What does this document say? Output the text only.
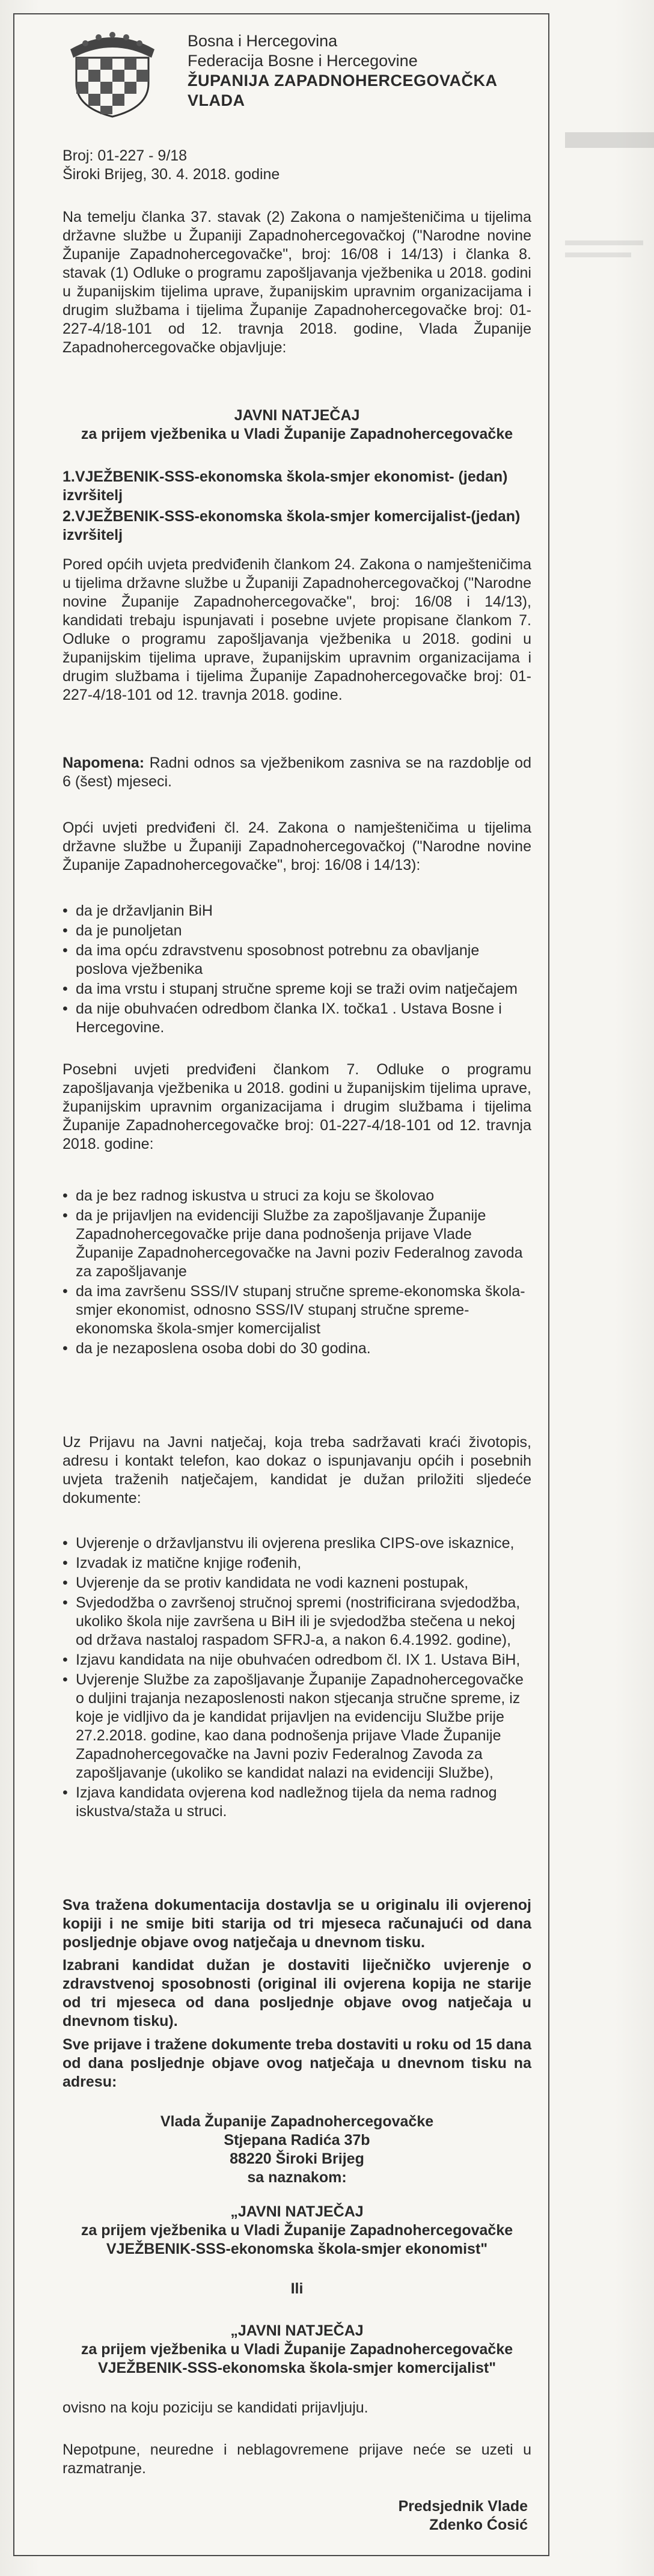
Bosna i Hercegovina
Federacija Bosne i Hercegovine
ŽUPANIJA ZAPADNOHERCEGOVAČKA
VLADA
Broj: 01-227 - 9/18
Široki Brijeg, 30. 4. 2018. godine
Na temelju članka 37. stavak (2) Zakona o namješteničima u tijelima državne službe u Županiji Zapadnohercegovačkoj ("Narodne novine Županije Zapadnohercegovačke", broj: 16/08 i 14/13) i članka 8. stavak (1) Odluke o programu zapošljavanja vježbenika u 2018. godini u županijskim tijelima uprave, županijskim upravnim organizacijama i drugim službama i tijelima Županije Zapadnohercegovačke broj: 01-227-4/18-101 od 12. travnja 2018. godine, Vlada Županije Zapadnohercegovačke objavljuje:
JAVNI NATJEČAJ
za prijem vježbenika u Vladi Županije Zapadnohercegovačke
1.VJEŽBENIK-SSS-ekonomska škola-smjer ekonomist- (jedan) izvršitelj
2.VJEŽBENIK-SSS-ekonomska škola-smjer komercijalist-(jedan) izvršitelj
Pored općih uvjeta predviđenih člankom 24. Zakona o namješteničima u tijelima državne službe u Županiji Zapadnohercegovačkoj ("Narodne novine Županije Zapadnohercegovačke", broj: 16/08 i 14/13), kandidati trebaju ispunjavati i posebne uvjete propisane člankom 7. Odluke o programu zapošljavanja vježbenika u 2018. godini u županijskim tijelima uprave, županijskim upravnim organizacijama i drugim službama i tijelima Županije Zapadnohercegovačke broj: 01-227-4/18-101 od 12. travnja 2018. godine.
Napomena: Radni odnos sa vježbenikom zasniva se na razdoblje od 6 (šest) mjeseci.
Opći uvjeti predviđeni čl. 24. Zakona o namješteničima u tijelima državne službe u Županiji Zapadnohercegovačkoj ("Narodne novine Županije Zapadnohercegovačke", broj: 16/08 i 14/13):
• da je državljanin BiH
• da je punoljetan
• da ima opću zdravstvenu sposobnost potrebnu za obavljanje poslova vježbenika
• da ima vrstu i stupanj stručne spreme koji se traži ovim natječajem
• da nije obuhvaćen odredbom članka IX. točka1 . Ustava Bosne i Hercegovine.
Posebni uvjeti predviđeni člankom 7. Odluke o programu zapošljavanja vježbenika u 2018. godini u županijskim tijelima uprave, županijskim upravnim organizacijama i drugim službama i tijelima Županije Zapadnohercegovačke broj: 01-227-4/18-101 od 12. travnja 2018. godine:
• da je bez radnog iskustva u struci za koju se školovao
• da je prijavljen na evidenciji Službe za zapošljavanje Županije Zapadnohercegovačke prije dana podnošenja prijave Vlade Županije Zapadnohercegovačke na Javni poziv Federalnog zavoda za zapošljavanje
• da ima završenu SSS/IV stupanj stručne spreme-ekonomska škola-smjer ekonomist, odnosno SSS/IV stupanj stručne spreme-ekonomska škola-smjer komercijalist
• da je nezaposlena osoba dobi do 30 godina.
Uz Prijavu na Javni natječaj, koja treba sadržavati kraći životopis, adresu i kontakt telefon, kao dokaz o ispunjavanju općih i posebnih uvjeta traženih natječajem, kandidat je dužan priložiti sljedeće dokumente:
• Uvjerenje o državljanstvu ili ovjerena preslika CIPS-ove iskaznice,
• Izvadak iz matične knjige rođenih,
• Uvjerenje da se protiv kandidata ne vodi kazneni postupak,
• Svjedodžba o završenoj stručnoj spremi (nostrificirana svjedodžba, ukoliko škola nije završena u BiH ili je svjedodžba stečena u nekoj od država nastaloj raspadom SFRJ-a, a nakon 6.4.1992. godine),
• Izjavu kandidata na nije obuhvaćen odredbom čl. IX 1. Ustava BiH,
• Uvjerenje Službe za zapošljavanje Županije Zapadnohercegovačke o duljini trajanja nezaposlenosti nakon stjecanja stručne spreme, iz koje je vidljivo da je kandidat prijavljen na evidenciju Službe prije 27.2.2018. godine, kao dana podnošenja prijave Vlade Županije Zapadnohercegovačke na Javni poziv Federalnog Zavoda za zapošljavanje (ukoliko se kandidat nalazi na evidenciji Službe),
• Izjava kandidata ovjerena kod nadležnog tijela da nema radnog iskustva/staža u struci.
Sva tražena dokumentacija dostavlja se u originalu ili ovjerenoj kopiji i ne smije biti starija od tri mjeseca računajući od dana posljednje objave ovog natječaja u dnevnom tisku.
Izabrani kandidat dužan je dostaviti liječničko uvjerenje o zdravstvenoj sposobnosti (original ili ovjerena kopija ne starije od tri mjeseca od dana posljednje objave ovog natječaja u dnevnom tisku).
Sve prijave i tražene dokumente treba dostaviti u roku od 15 dana od dana posljednje objave ovog natječaja u dnevnom tisku na adresu:
Vlada Županije Zapadnohercegovačke
Stjepana Radića 37b
88220 Široki Brijeg
sa naznakom:
„JAVNI NATJEČAJ
za prijem vježbenika u Vladi Županije Zapadnohercegovačke
VJEŽBENIK-SSS-ekonomska škola-smjer ekonomist"
Ili
„JAVNI NATJEČAJ
za prijem vježbenika u Vladi Županije Zapadnohercegovačke
VJEŽBENIK-SSS-ekonomska škola-smjer komercijalist"
ovisno na koju poziciju se kandidati prijavljuju.
Nepotpune, neuredne i neblagovremene prijave neće se uzeti u razmatranje.
Predsjednik Vlade
Zdenko Ćosić
